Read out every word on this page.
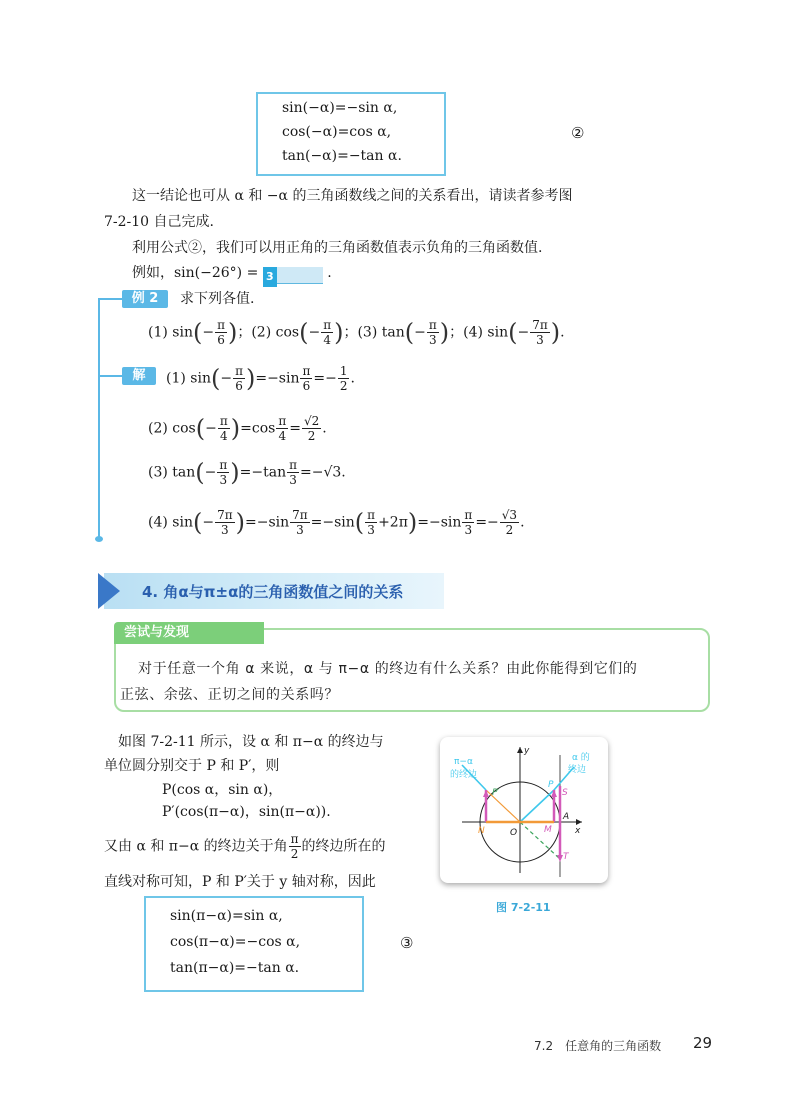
sin(−α)=−sin α,
cos(−α)=cos α,
tan(−α)=−tan α.
②
这一结论也可从 α 和 −α 的三角函数线之间的关系看出，请读者参考图
7-2-10 自己完成.
利用公式②，我们可以用正角的三角函数值表示负角的三角函数值.
例如，sin(−26°) = 3	.
例 2	求下列各值.
(1) $\sin(- \frac{\pi}{6}$ )；(2) $\cos(- \frac{\pi}{4}$ )；(3) $\tan(- \frac{\pi}{3}$ )；(4) $\sin(- \frac{7\pi}{3}$ ).
解	(1) $\sin(- \frac{\pi}{6} )=-\sin \frac{\pi}{6} =- \frac{1}{2}$ .
(2) $\cos(- \frac{\pi}{4} )=\cos \frac{\pi}{4} = \frac{√2}{2}$ .
(3) $\tan(- \frac{\pi}{3} )=-\tan \frac{\pi}{3} =-√3$.
(4) $\sin(- \frac{7\pi}{3} )=-\sin \frac{7\pi}{3} =-\sin( \frac{\pi}{3} +2\pi)=-\sin \frac{\pi}{3} =- \frac{√3}{2}$ .
4. 角α与π±α的三角函数值之间的关系
尝试与发现
对于任意一个角 α 来说，α 与 π−α 的终边有什么关系？由此你能得到它们的
正弦、余弦、正切之间的关系吗？
如图 7-2-11 所示，设 α 和 π−α 的终边与
单位圆分别交于 P 和 P′，则
P(cos α，sin α)，
P′(cos(π−α)，sin(π−α)).
又由 α 和 π−α 的终边关于角 $\frac{\pi}{2}$ 的终边所在的
直线对称可知，P 和 P′关于 y 轴对称，因此
π−α
的终边
α 的
终边
y
x
O
P
P′	S
A
M
N
T
图 7-2-11
sin(π−α)=sin α,
cos(π−α)=−cos α,
tan(π−α)=−tan α.
③
7.2　任意角的三角函数 29
